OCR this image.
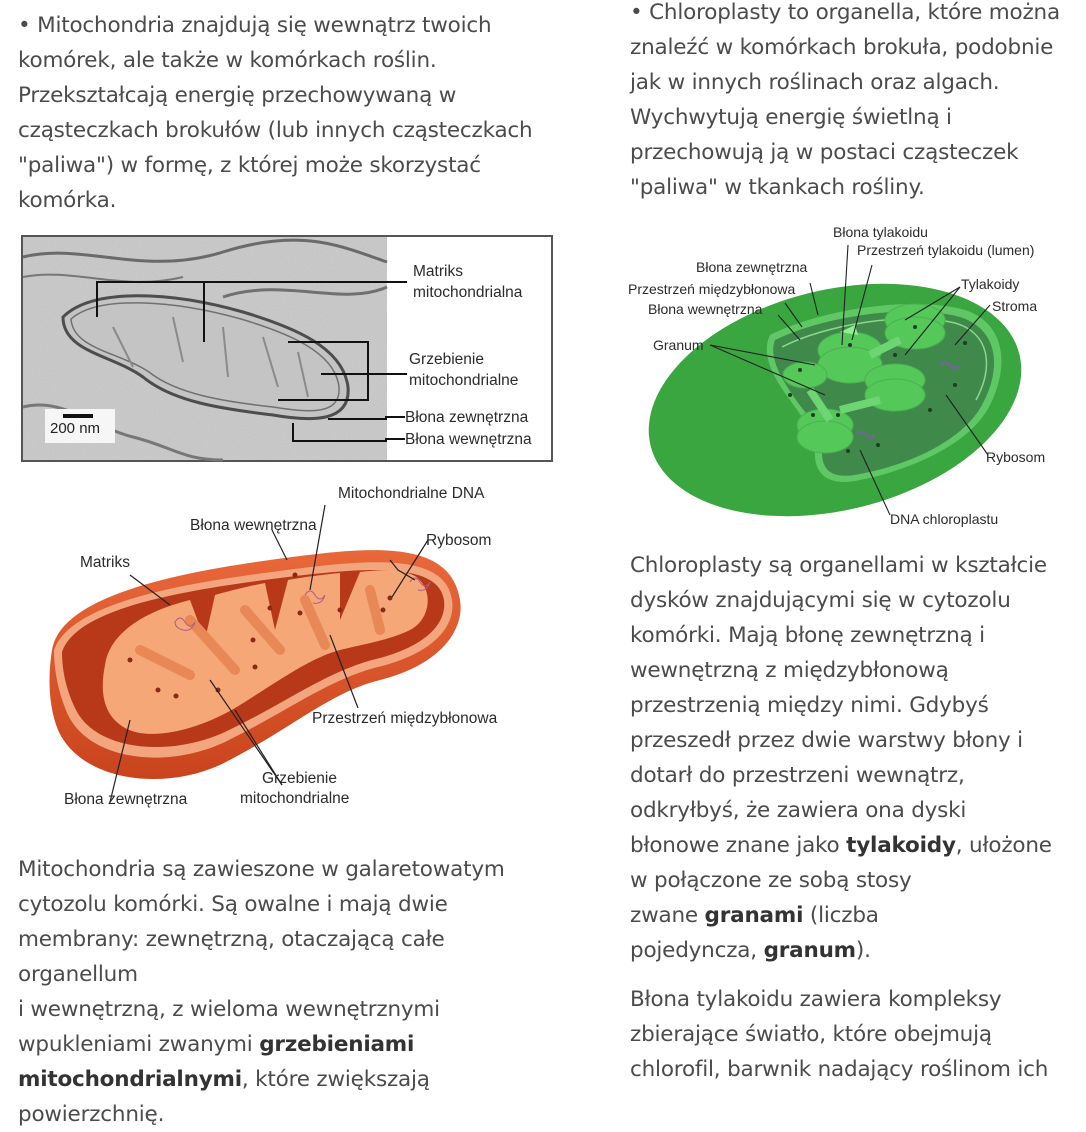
• Mitochondria znajdują się wewnątrz twoich

komórek, ale także w komórkach roślin.

Przekształcają energię przechowywaną w

cząsteczkach brokułów (lub innych cząsteczkach

"paliwa") w formę, z której może skorzystać

komórka.

200 nm
Matriks
mitochondrialna
Grzebienie
mitochondrialne
Błona zewnętrzna
Błona wewnętrzna
Mitochondrialne DNA
Błona wewnętrzna
Rybosom
Matriks
Przestrzeń międzybłonowa
Grzebienie
mitochondrialne
Błona zewnętrzna

Mitochondria są zawieszone w galaretowatym

cytozolu komórki. Są owalne i mają dwie

membrany: zewnętrzną, otaczającą całe organellum

i wewnętrzną, z wieloma wewnętrznymi

wpukleniami zwanymi grzebieniami

mitochondrialnymi, które zwiększają powierzchnię.

• Chloroplasty to organella, które można

znaleźć w komórkach brokuła, podobnie

jak w innych roślinach oraz algach.

Wychwytują energię świetlną i

przechowują ją w postaci cząsteczek

"paliwa" w tkankach rośliny.

Błona tylakoidu
Przestrzeń tylakoidu (lumen)
Błona zewnętrzna
Przestrzeń międzybłonowa	Tylakoidy
Błona wewnętrzna	Stroma
Granum
Rybosom
DNA chloroplastu

Chloroplasty są organellami w kształcie

dysków znajdującymi się w cytozolu

komórki. Mają błonę zewnętrzną i

wewnętrzną z międzybłonową

przestrzenią między nimi. Gdybyś

przeszedł przez dwie warstwy błony i

dotarł do przestrzeni wewnątrz,

odkryłbyś, że zawiera ona dyski

błonowe znane jako tylakoidy, ułożone

w połączone ze sobą stosy

zwane granami (liczba

pojedyncza, granum).

Błona tylakoidu zawiera kompleksy

zbierające światło, które obejmują

chlorofil, barwnik nadający roślinom ich
